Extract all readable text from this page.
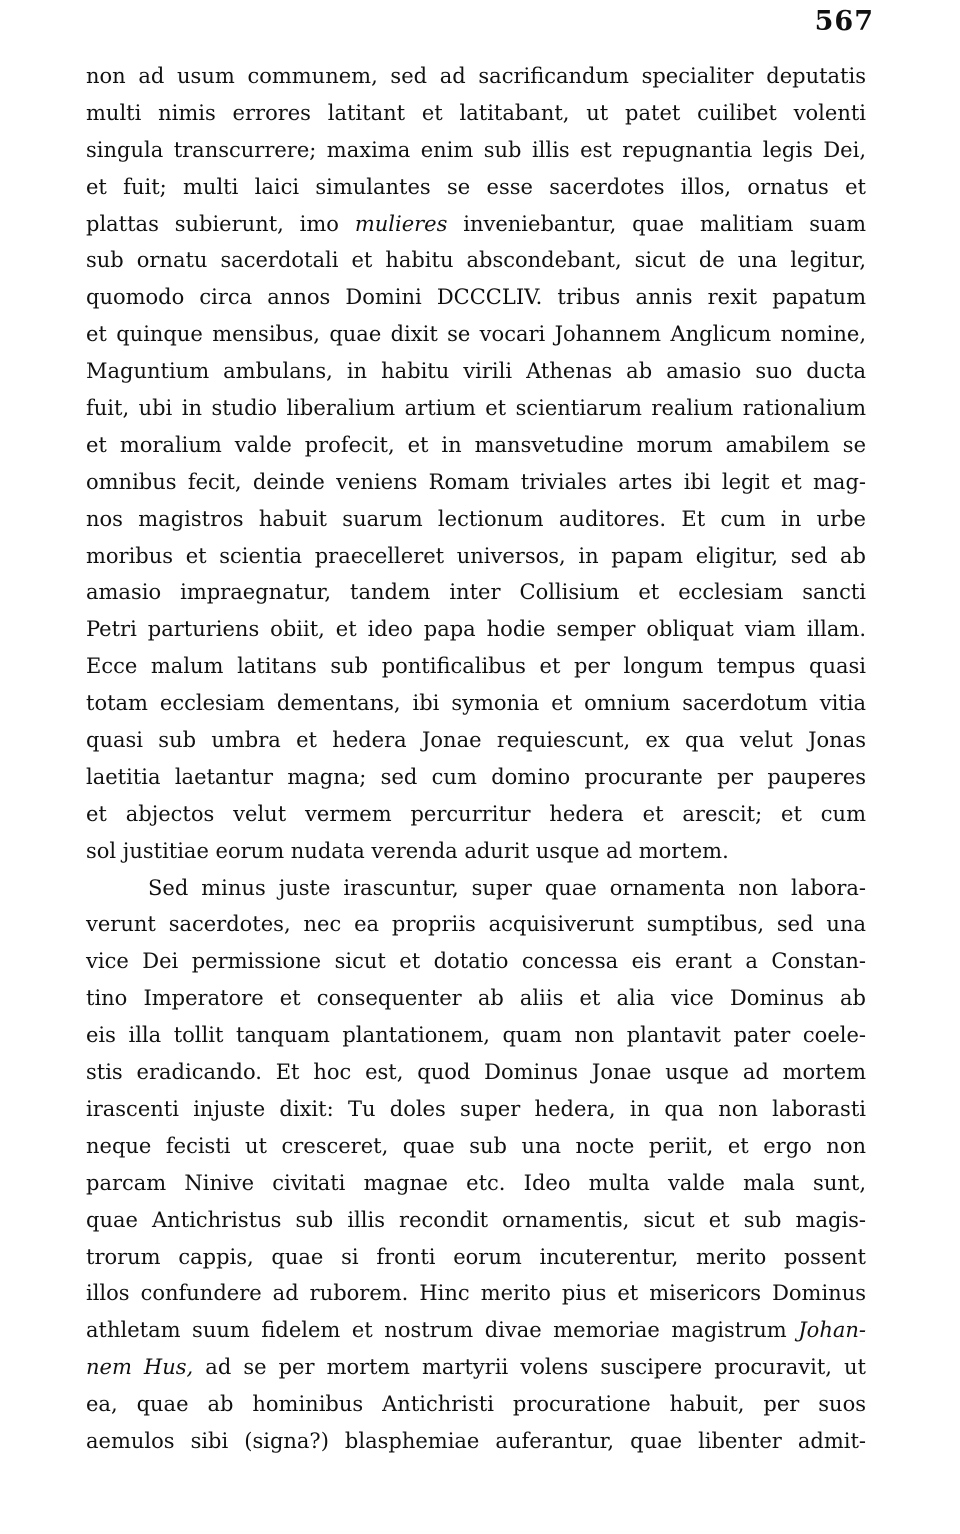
567
non ad usum communem, sed ad sacrificandum specialiter deputatis
multi nimis errores latitant et latitabant, ut patet cuilibet volenti
singula transcurrere; maxima enim sub illis est repugnantia legis Dei,
et fuit; multi laici simulantes se esse sacerdotes illos, ornatus et
plattas subierunt, imo mulieres inveniebantur, quae malitiam suam
sub ornatu sacerdotali et habitu abscondebant, sicut de una legitur,
quomodo circa annos Domini DCCCLIV. tribus annis rexit papatum
et quinque mensibus, quae dixit se vocari Johannem Anglicum nomine,
Maguntium ambulans, in habitu virili Athenas ab amasio suo ducta
fuit, ubi in studio liberalium artium et scientiarum realium rationalium
et moralium valde profecit, et in mansvetudine morum amabilem se
omnibus fecit, deinde veniens Romam triviales artes ibi legit et mag-
nos magistros habuit suarum lectionum auditores. Et cum in urbe
moribus et scientia praecelleret universos, in papam eligitur, sed ab
amasio impraegnatur, tandem inter Collisium et ecclesiam sancti
Petri parturiens obiit, et ideo papa hodie semper obliquat viam illam.
Ecce malum latitans sub pontificalibus et per longum tempus quasi
totam ecclesiam dementans, ibi symonia et omnium sacerdotum vitia
quasi sub umbra et hedera Jonae requiescunt, ex qua velut Jonas
laetitia laetantur magna; sed cum domino procurante per pauperes
et abjectos velut vermem percurritur hedera et arescit; et cum
sol justitiae eorum nudata verenda adurit usque ad mortem.
Sed minus juste irascuntur, super quae ornamenta non labora-
verunt sacerdotes, nec ea propriis acquisiverunt sumptibus, sed una
vice Dei permissione sicut et dotatio concessa eis erant a Constan-
tino Imperatore et consequenter ab aliis et alia vice Dominus ab
eis illa tollit tanquam plantationem, quam non plantavit pater coele-
stis eradicando. Et hoc est, quod Dominus Jonae usque ad mortem
irascenti injuste dixit: Tu doles super hedera, in qua non laborasti
neque fecisti ut cresceret, quae sub una nocte periit, et ergo non
parcam Ninive civitati magnae etc. Ideo multa valde mala sunt,
quae Antichristus sub illis recondit ornamentis, sicut et sub magis-
trorum cappis, quae si fronti eorum incuterentur, merito possent
illos confundere ad ruborem. Hinc merito pius et misericors Dominus
athletam suum fidelem et nostrum divae memoriae magistrum Johan-
nem Hus, ad se per mortem martyrii volens suscipere procuravit, ut
ea, quae ab hominibus Antichristi procuratione habuit, per suos
aemulos sibi (signa?) blasphemiae auferantur, quae libenter admit-
